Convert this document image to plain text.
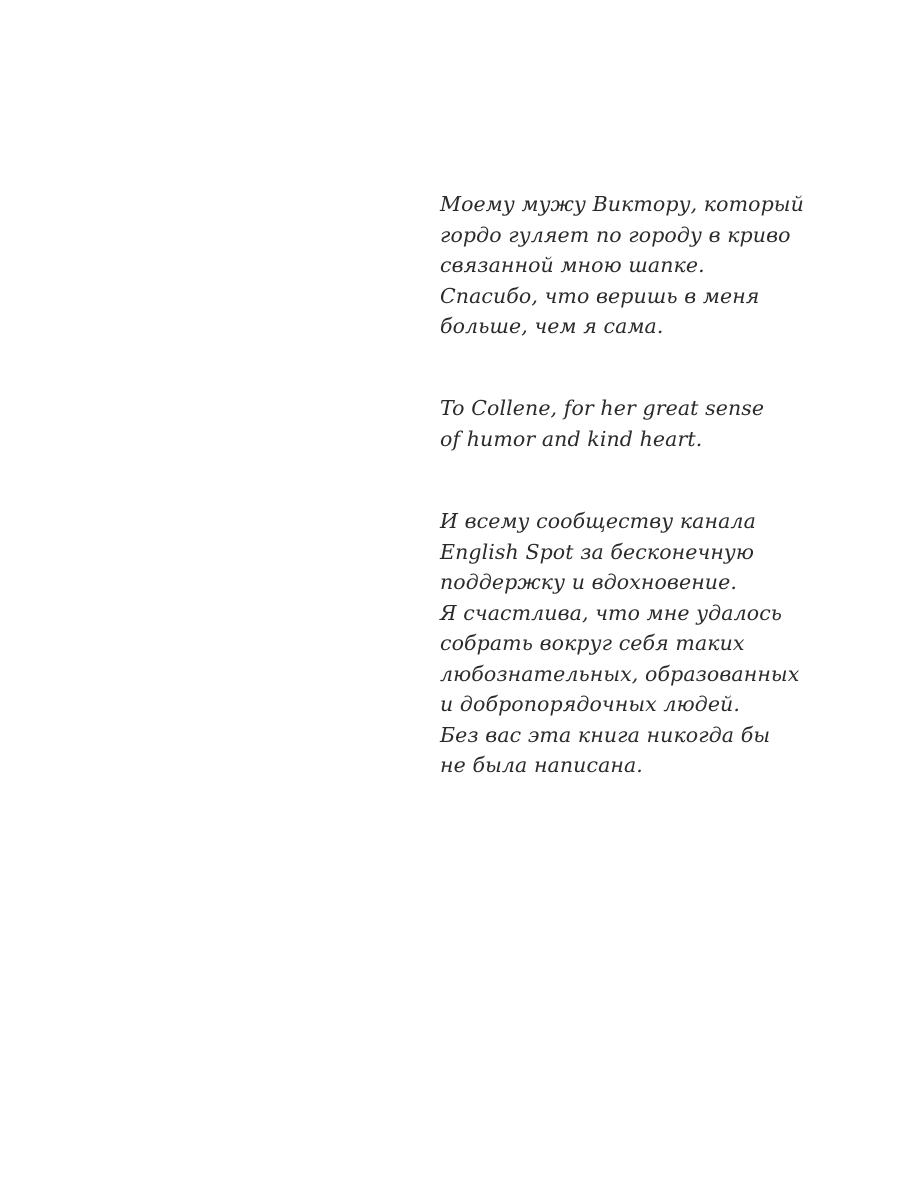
Моему мужу Виктору, который
гордо гуляет по городу в криво
связанной мною шапке.
Спасибо, что веришь в меня
больше, чем я сама.
To Collene, for her great sense
of humor and kind heart.
И всему сообществу канала
English Spot за бесконечную
поддержку и вдохновение.
Я счастлива, что мне удалось
собрать вокруг себя таких
любознательных, образованных
и добропорядочных людей.
Без вас эта книга никогда бы
не была написана.
